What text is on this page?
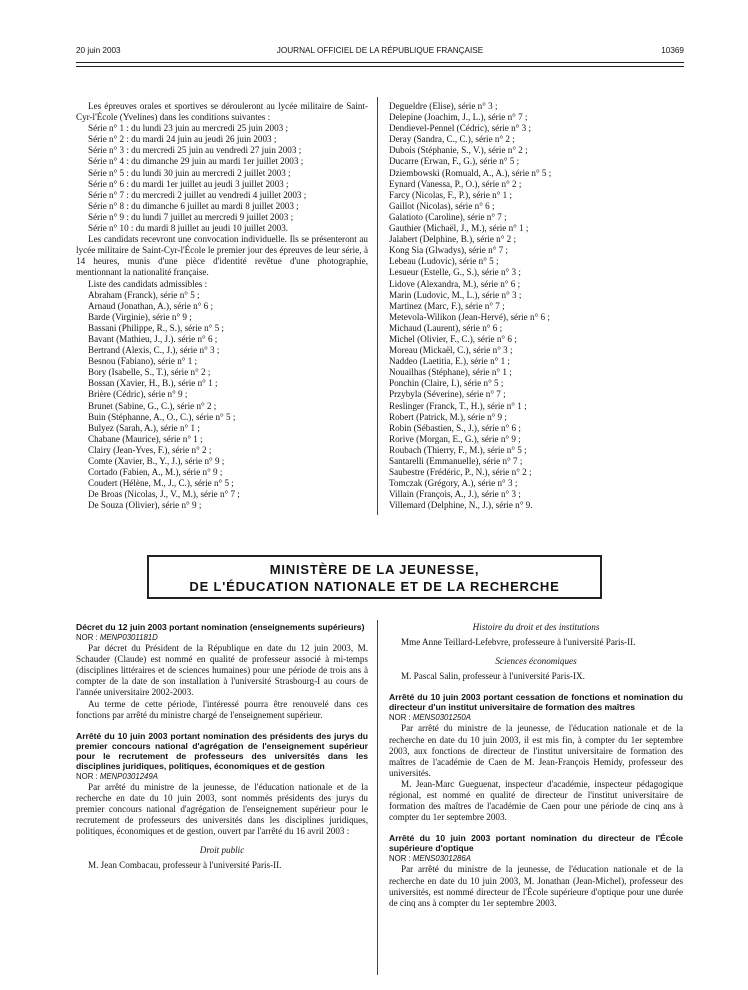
20 juin 2003	JOURNAL OFFICIEL DE LA RÉPUBLIQUE FRANÇAISE	10369

Les épreuves orales et sportives se dérouleront au lycée militaire de Saint-Cyr-l'École (Yvelines) dans les conditions suivantes :

Série n° 1 : du lundi 23 juin au mercredi 25 juin 2003 ;

Série n° 2 : du mardi 24 juin au jeudi 26 juin 2003 ;

Série n° 3 : du mercredi 25 juin au vendredi 27 juin 2003 ;

Série n° 4 : du dimanche 29 juin au mardi 1er juillet 2003 ;

Série n° 5 : du lundi 30 juin au mercredi 2 juillet 2003 ;

Série n° 6 : du mardi 1er juillet au jeudi 3 juillet 2003 ;

Série n° 7 : du mercredi 2 juillet au vendredi 4 juillet 2003 ;

Série n° 8 : du dimanche 6 juillet au mardi 8 juillet 2003 ;

Série n° 9 : du lundi 7 juillet au mercredi 9 juillet 2003 ;

Série n° 10 : du mardi 8 juillet au jeudi 10 juillet 2003.

Les candidats recevront une convocation individuelle. Ils se présenteront au lycée militaire de Saint-Cyr-l'École le premier jour des épreuves de leur série, à 14 heures, munis d'une pièce d'identité revêtue d'une photographie, mentionnant la nationalité française.

Liste des candidats admissibles :

Abraham (Franck), série n° 5 ;

Arnaud (Jonathan, A.), série n° 6 ;

Barde (Virginie), série n° 9 ;

Bassani (Philippe, R., S.), série n° 5 ;

Bavant (Mathieu, J., J.). série n° 6 ;

Bertrand (Alexis, C., J.), série n° 3 ;

Besnou (Fabiano), série n° 1 ;

Bory (Isabelle, S., T.), série n° 2 ;

Bossan (Xavier, H., B.), série n° 1 ;

Brière (Cédric), série n° 9 ;

Brunet (Sabine, G., C.), série n° 2 ;

Buin (Stéphanne, A., O., C.), série n° 5 ;

Bulyez (Sarah, A.), série n° 1 ;

Chabane (Maurice), série n° 1 ;

Clairy (Jean-Yves, F.), série n° 2 ;

Comte (Xavier, B., Y., J.), série n° 9 ;

Cortado (Fabien, A., M.), série n° 9 ;

Coudert (Hélène, M., J., C.), série n° 5 ;

De Broas (Nicolas, J., V., M.), série n° 7 ;

De Souza (Olivier), série n° 9 ;

Degueldre (Elise), série n° 3 ;

Delepine (Joachim, J., L.), série n° 7 ;

Dendievel-Pennel (Cédric), série n° 3 ;

Deray (Sandra, C., C.), série n° 2 ;

Dubois (Stéphanie, S., V.), série n° 2 ;

Ducarre (Erwan, F., G.), série n° 5 ;

Dziembowski (Romuald, A., A.), série n° 5 ;

Eynard (Vanessa, P., O.), série n° 2 ;

Farcy (Nicolas, F., P.), série n° 1 ;

Gaillot (Nicolas), série n° 6 ;

Galatioto (Caroline), série n° 7 ;

Gauthier (Michaël, J., M.), série n° 1 ;

Jalabert (Delphine, B.), série n° 2 ;

Kong Sia (Glwadys), série n° 7 ;

Lebeau (Ludovic), série n° 5 ;

Lesueur (Estelle, G., S.), série n° 3 ;

Lidove (Alexandra, M.), série n° 6 ;

Marin (Ludovic, M., L.), série n° 3 ;

Martinez (Marc, F.), série n° 7 ;

Metevola-Wilikon (Jean-Hervé), série n° 6 ;

Michaud (Laurent), série n° 6 ;

Michel (Olivier, F., C.), série n° 6 ;

Moreau (Mickaël, C.), série n° 3 ;

Naddeo (Laetitia, E.), série n° 1 ;

Nouailhas (Stéphane), série n° 1 ;

Ponchin (Claire, I.), série n° 5 ;

Przybyla (Séverine), série n° 7 ;

Reslinger (Franck, T., H.), série n° 1 ;

Robert (Patrick, M.), série n° 9 ;

Robin (Sébastien, S., J.), série n° 6 ;

Rorive (Morgan, E., G.), série n° 9 ;

Roubach (Thierry, F., M.), série n° 5 ;

Santarelli (Emmanuelle), série n° 7 ;

Saubestre (Frédéric, P., N.), série n° 2 ;

Tomczak (Grégory, A.), série n° 3 ;

Villain (François, A., J.), série n° 3 ;

Villemard (Delphine, N., J.), série n° 9.

MINISTÈRE DE LA JEUNESSE,
DE L'ÉDUCATION NATIONALE ET DE LA RECHERCHE

Décret du 12 juin 2003 portant nomination (enseignements supérieurs)

NOR : MENP0301181D

Par décret du Président de la République en date du 12 juin 2003, M. Schauder (Claude) est nommé en qualité de professeur associé à mi-temps (disciplines littéraires et de sciences humaines) pour une période de trois ans à compter de la date de son installation à l'université Strasbourg-I au cours de l'année universitaire 2002-2003.

Au terme de cette période, l'intéressé pourra être renouvelé dans ces fonctions par arrêté du ministre chargé de l'enseignement supérieur.

Arrêté du 10 juin 2003 portant nomination des présidents des jurys du premier concours national d'agrégation de l'enseignement supérieur pour le recrutement de professeurs des universités dans les disciplines juridiques, politiques, économiques et de gestion

NOR : MENP0301249A

Par arrêté du ministre de la jeunesse, de l'éducation nationale et de la recherche en date du 10 juin 2003, sont nommés présidents des jurys du premier concours national d'agrégation de l'enseignement supérieur pour le recrutement de professeurs des universités dans les disciplines juridiques, politiques, économiques et de gestion, ouvert par l'arrêté du 16 avril 2003 :

Droit public

M. Jean Combacau, professeur à l'université Paris-II.

Histoire du droit et des institutions

Mme Anne Teillard-Lefebvre, professeure à l'université Paris-II.

Sciences économiques

M. Pascal Salin, professeur à l'université Paris-IX.

Arrêté du 10 juin 2003 portant cessation de fonctions et nomination du directeur d'un institut universitaire de formation des maîtres

NOR : MENS0301250A

Par arrêté du ministre de la jeunesse, de l'éducation nationale et de la recherche en date du 10 juin 2003, il est mis fin, à compter du 1er septembre 2003, aux fonctions de directeur de l'institut universitaire de formation des maîtres de l'académie de Caen de M. Jean-François Hemidy, professeur des universités.

M. Jean-Marc Gueguenat, inspecteur d'académie, inspecteur pédagogique régional, est nommé en qualité de directeur de l'institut universitaire de formation des maîtres de l'académie de Caen pour une période de cinq ans à compter du 1er septembre 2003.

Arrêté du 10 juin 2003 portant nomination du directeur de l'École supérieure d'optique

NOR : MENS0301286A

Par arrêté du ministre de la jeunesse, de l'éducation nationale et de la recherche en date du 10 juin 2003, M. Jonathan (Jean-Michel), professeur des universités, est nommé directeur de l'École supérieure d'optique pour une durée de cinq ans à compter du 1er septembre 2003.
